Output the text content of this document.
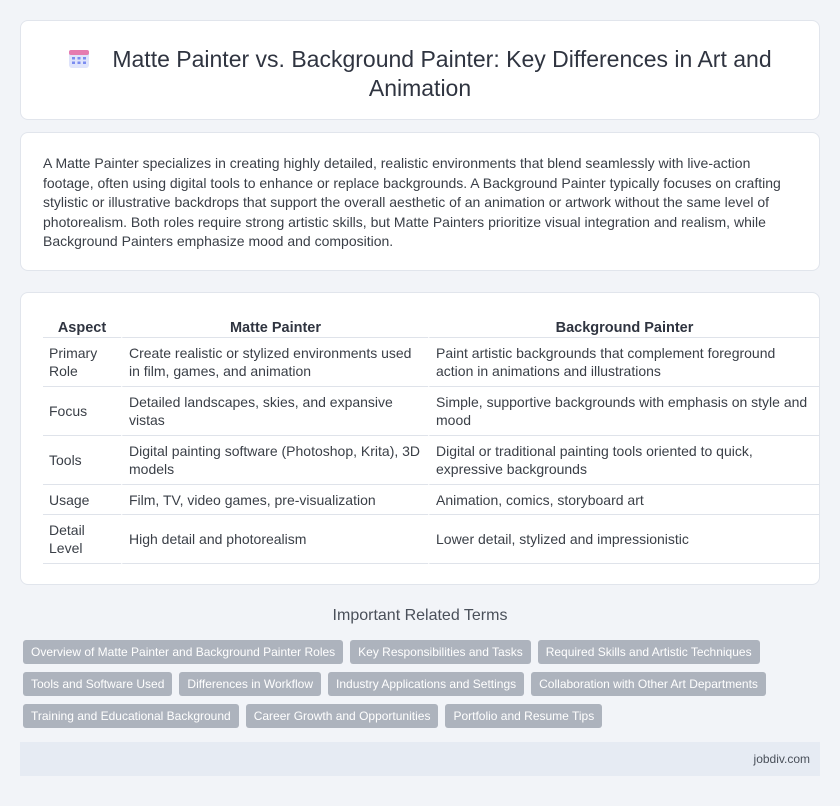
Matte Painter vs. Background Painter: Key Differences in Art and Animation

A Matte Painter specializes in creating highly detailed, realistic environments that blend seamlessly with live-action footage, often using digital tools to enhance or replace backgrounds. A Background Painter typically focuses on crafting stylistic or illustrative backdrops that support the overall aesthetic of an animation or artwork without the same level of photorealism. Both roles require strong artistic skills, but Matte Painters prioritize visual integration and realism, while Background Painters emphasize mood and composition.

Aspect	Matte Painter	Background Painter
Primary Role	Create realistic or stylized environments used in film, games, and animation	Paint artistic backgrounds that complement foreground action in animations and illustrations
Focus	Detailed landscapes, skies, and expansive vistas	Simple, supportive backgrounds with emphasis on style and mood
Tools	Digital painting software (Photoshop, Krita), 3D models	Digital or traditional painting tools oriented to quick, expressive backgrounds
Usage	Film, TV, video games, pre-visualization	Animation, comics, storyboard art
Detail Level	High detail and photorealism	Lower detail, stylized and impressionistic
Important Related Terms
Overview of Matte Painter and Background Painter Roles Key Responsibilities and Tasks Required Skills and Artistic Techniques
Tools and Software Used Differences in Workflow Industry Applications and Settings Collaboration with Other Art Departments
Training and Educational Background Career Growth and Opportunities Portfolio and Resume Tips
jobdiv.com
